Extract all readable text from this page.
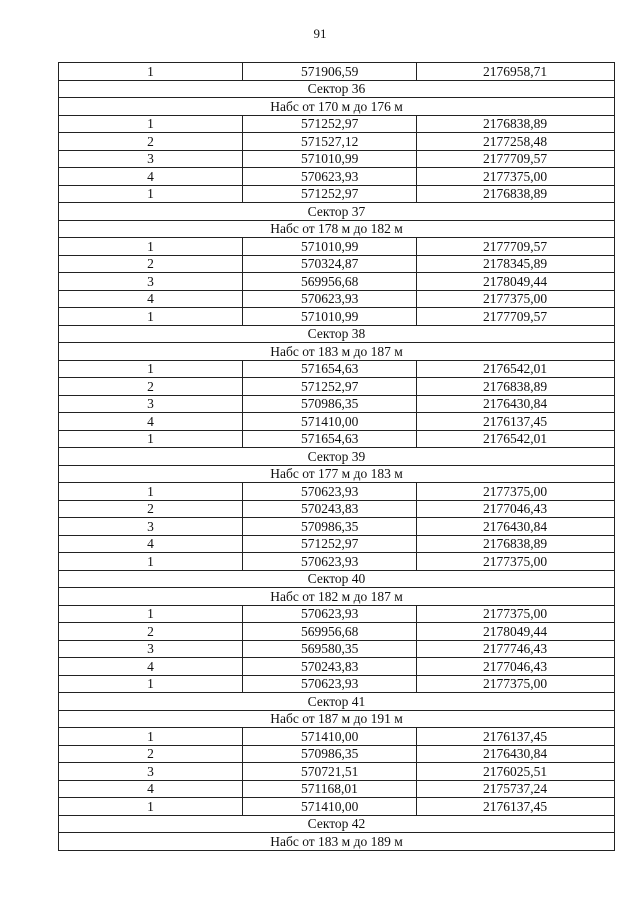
91
1	571906,59	2176958,71
Сектор 36		
Набс от 170 м до 176 м		
1	571252,97	2176838,89
2	571527,12	2177258,48
3	571010,99	2177709,57
4	570623,93	2177375,00
1	571252,97	2176838,89
Сектор 37		
Набс от 178 м до 182 м		
1	571010,99	2177709,57
2	570324,87	2178345,89
3	569956,68	2178049,44
4	570623,93	2177375,00
1	571010,99	2177709,57
Сектор 38		
Набс от 183 м до 187 м		
1	571654,63	2176542,01
2	571252,97	2176838,89
3	570986,35	2176430,84
4	571410,00	2176137,45
1	571654,63	2176542,01
Сектор 39		
Набс от 177 м до 183 м		
1	570623,93	2177375,00
2	570243,83	2177046,43
3	570986,35	2176430,84
4	571252,97	2176838,89
1	570623,93	2177375,00
Сектор 40		
Набс от 182 м до 187 м		
1	570623,93	2177375,00
2	569956,68	2178049,44
3	569580,35	2177746,43
4	570243,83	2177046,43
1	570623,93	2177375,00
Сектор 41		
Набс от 187 м до 191 м		
1	571410,00	2176137,45
2	570986,35	2176430,84
3	570721,51	2176025,51
4	571168,01	2175737,24
1	571410,00	2176137,45
Сектор 42		
Набс от 183 м до 189 м		
